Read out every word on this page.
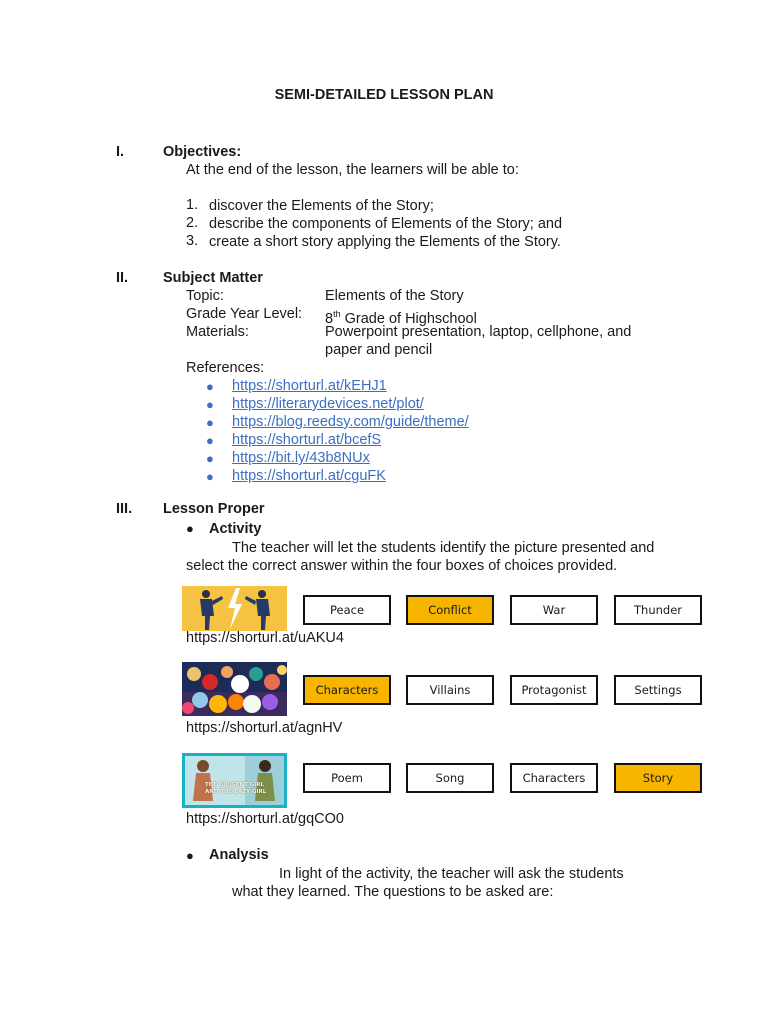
SEMI-DETAILED LESSON PLAN
I.	Objectives:
At the end of the lesson, the learners will be able to:
1. discover the Elements of the Story;
2. describe the components of Elements of the Story; and
3. create a short story applying the Elements of the Story.
II. Subject Matter
Topic:	Elements of the Story
Grade Year Level: 8th Grade of Highschool
Materials:	Powerpoint presentation, laptop, cellphone, and
paper and pencil
References:
● https://shorturl.at/kEHJ1
● https://literarydevices.net/plot/
● https://blog.reedsy.com/guide/theme/
● https://shorturl.at/bcefS
● https://bit.ly/43b8NUx
● https://shorturl.at/cguFK
III. Lesson Proper
● Activity
The teacher will let the students identify the picture presented and
select the correct answer within the four boxes of choices provided.
Peace	Conflict	War	Thunder
https://shorturl.at/uAKU4
Characters	Villains	Protagonist	Settings
https://shorturl.at/agnHV
THE DILIGENT GIRL AND THE LAZY GIRL
Poem	Song	Characters	Story
https://shorturl.at/gqCO0
● Analysis
In light of the activity, the teacher will ask the students
what they learned. The questions to be asked are:
